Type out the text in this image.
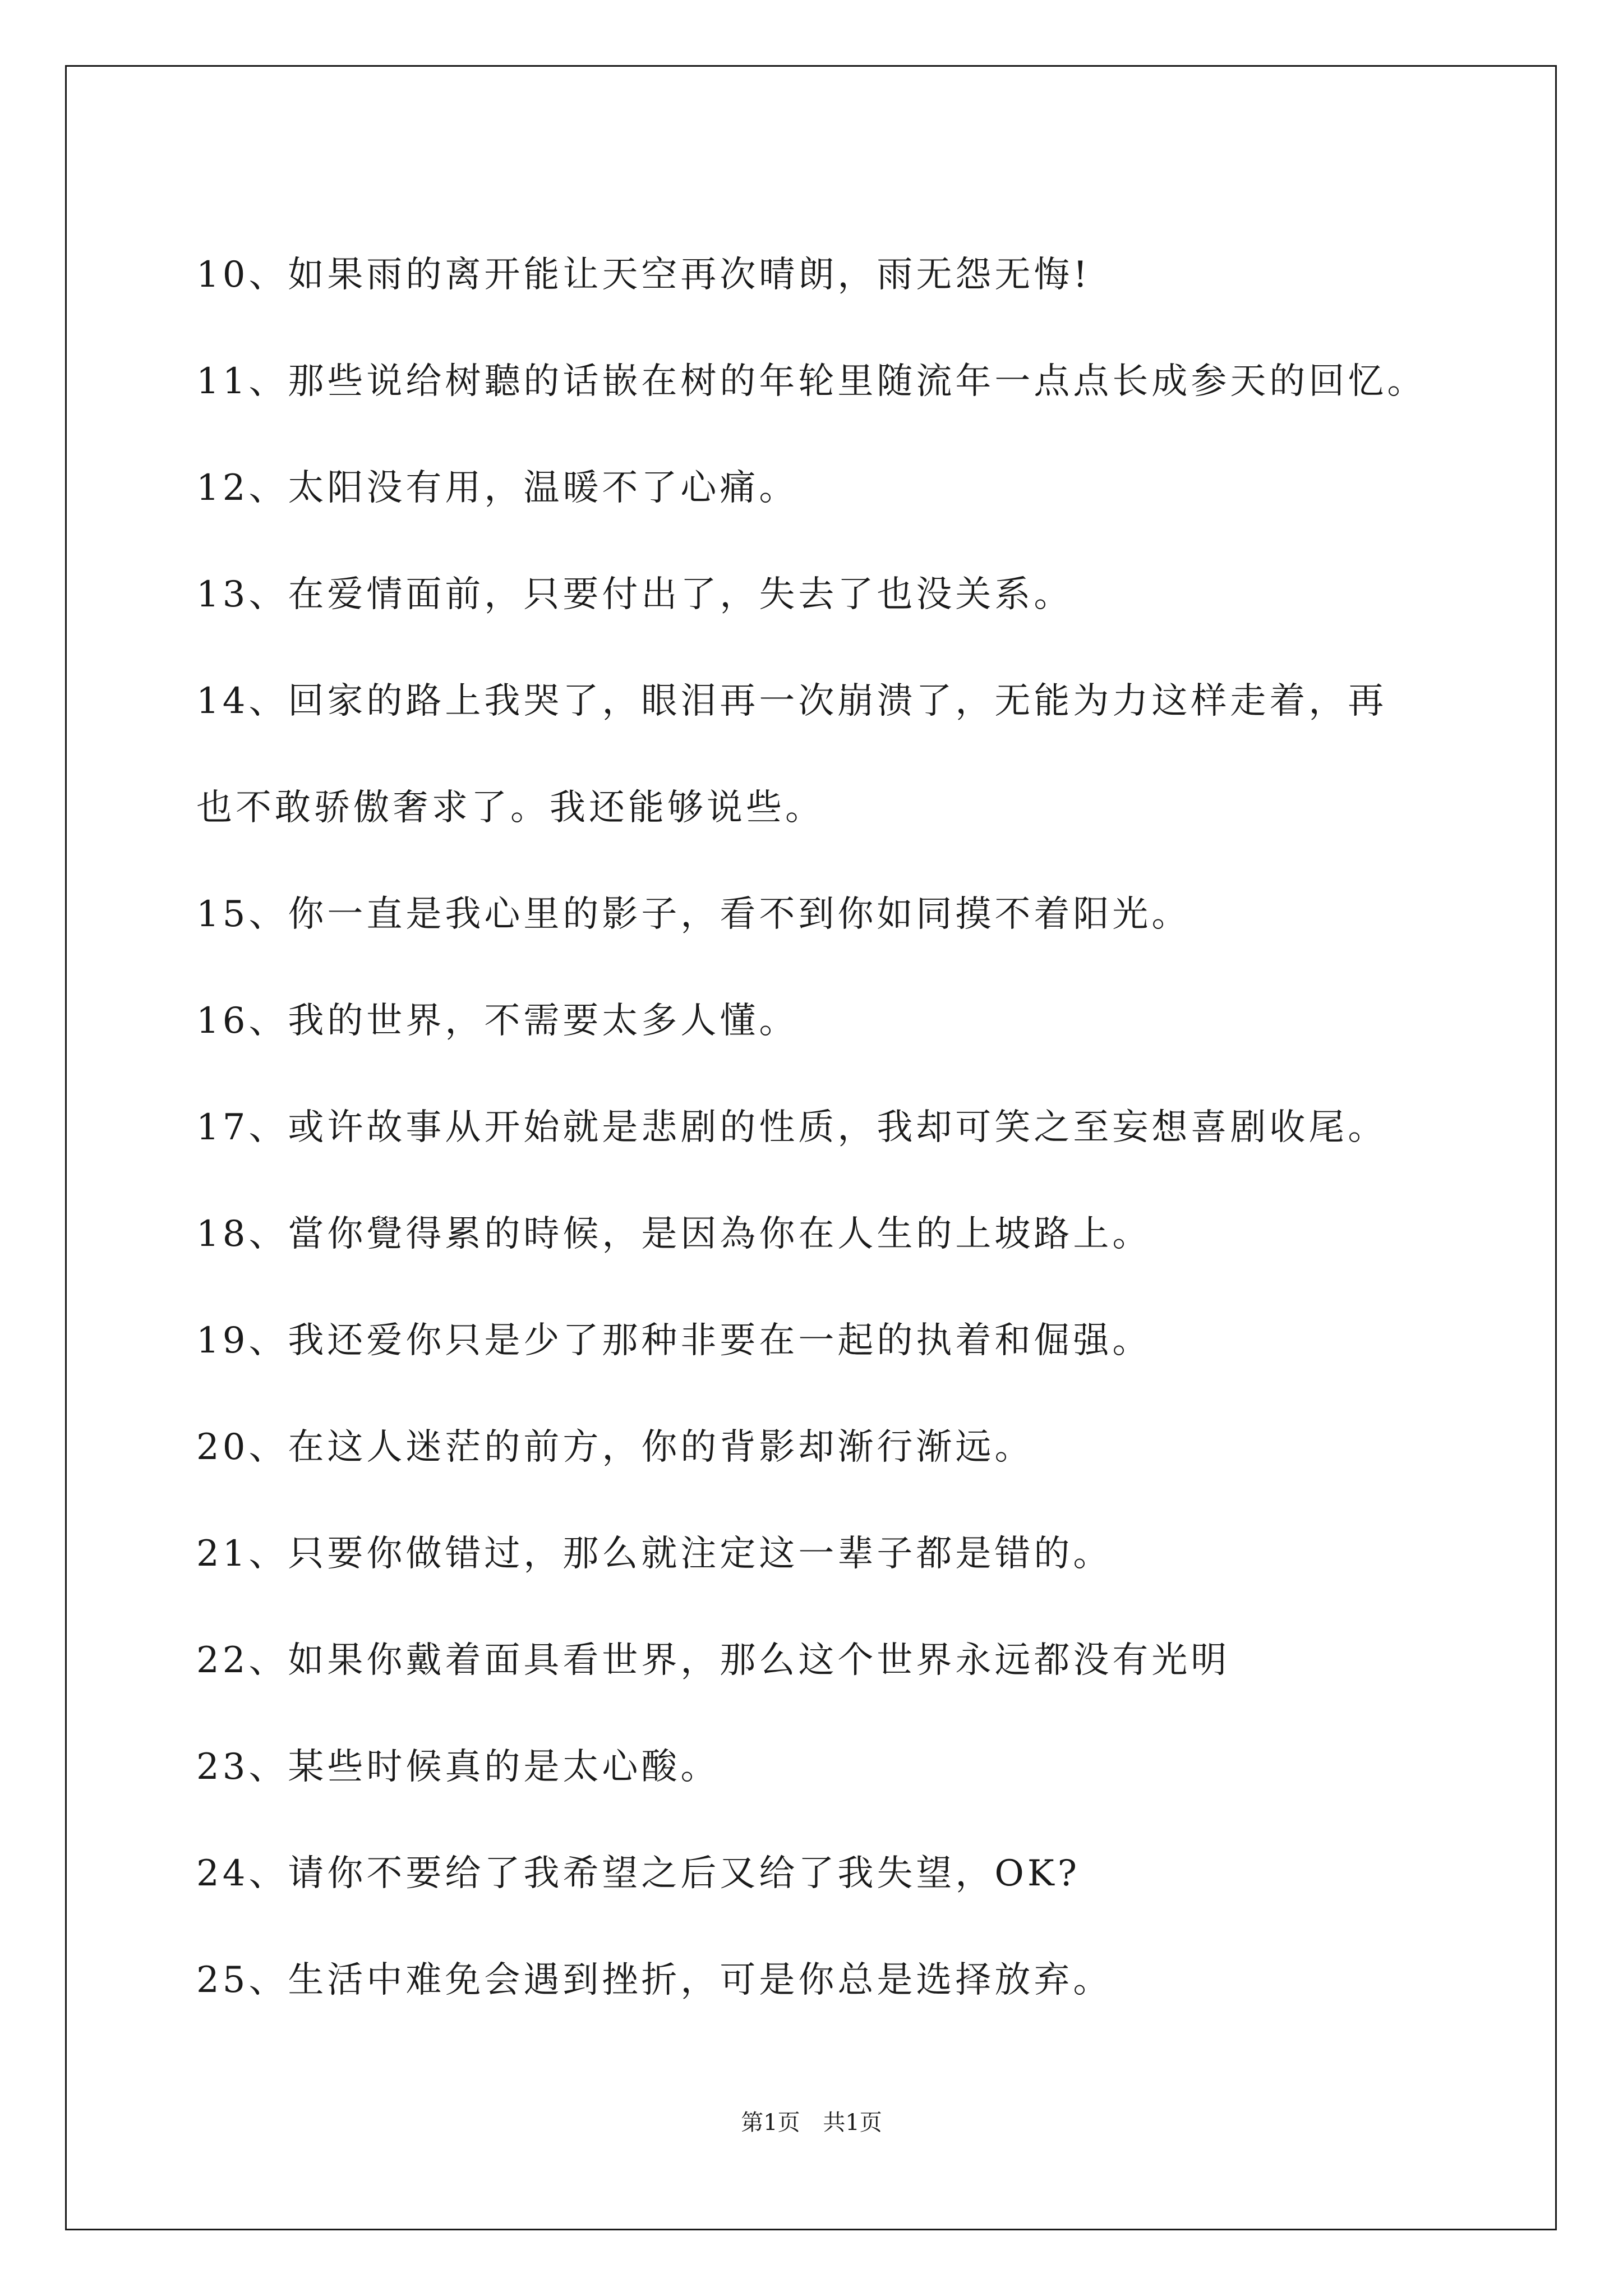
10、如果雨的离开能让天空再次晴朗，雨无怨无悔!

11、那些说给树聽的话嵌在树的年轮里随流年一点点长成参天的回忆。

12、太阳没有用，温暖不了心痛。

13、在爱情面前，只要付出了，失去了也没关系。

14、回家的路上我哭了，眼泪再一次崩溃了，无能为力这样走着，再

也不敢骄傲奢求了。我还能够说些。

15、你一直是我心里的影子，看不到你如同摸不着阳光。

16、我的世界，不需要太多人懂。

17、或许故事从开始就是悲剧的性质，我却可笑之至妄想喜剧收尾。

18、當你覺得累的時候，是因為你在人生的上坡路上。

19、我还爱你只是少了那种非要在一起的执着和倔强。

20、在这人迷茫的前方，你的背影却渐行渐远。

21、只要你做错过，那么就注定这一辈子都是错的。

22、如果你戴着面具看世界，那么这个世界永远都没有光明

23、某些时候真的是太心酸。

24、请你不要给了我希望之后又给了我失望，OK?

25、生活中难免会遇到挫折，可是你总是选择放弃。

第1页 共1页
